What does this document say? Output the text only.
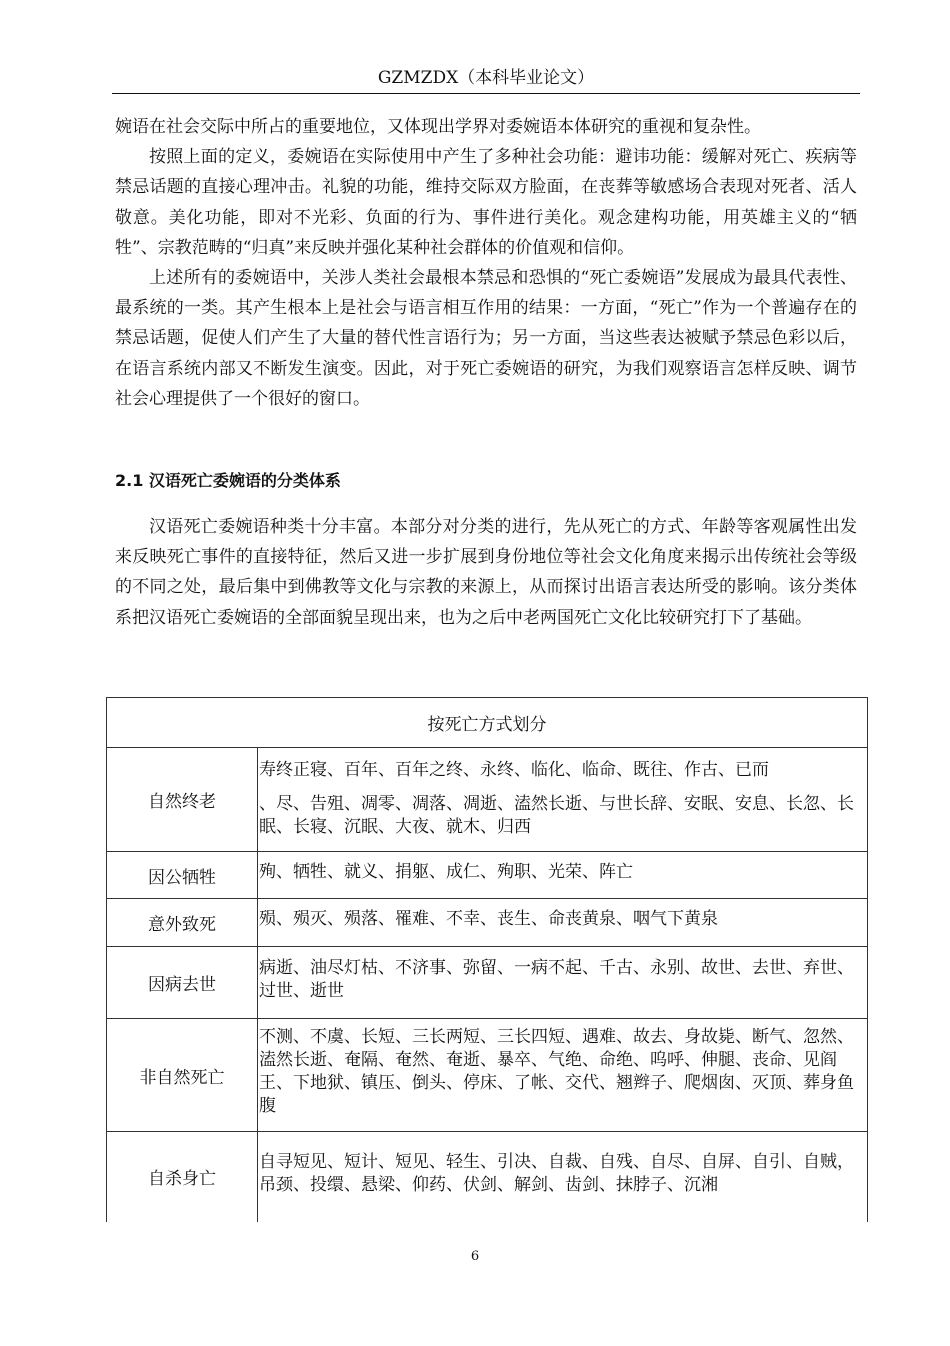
GZMZDX（本科毕业论文）

婉语在社会交际中所占的重要地位，又体现出学界对委婉语本体研究的重视和复杂性。

按照上面的定义，委婉语在实际使用中产生了多种社会功能：避讳功能：缓解对死亡、疾病等禁忌话题的直接心理冲击。礼貌的功能，维持交际双方脸面，在丧葬等敏感场合表现对死者、活人敬意。美化功能，即对不光彩、负面的行为、事件进行美化。观念建构功能，用英雄主义的“牺牲”、宗教范畴的“归真”来反映并强化某种社会群体的价值观和信仰。

上述所有的委婉语中，关涉人类社会最根本禁忌和恐惧的“死亡委婉语”发展成为最具代表性、最系统的一类。其产生根本上是社会与语言相互作用的结果：一方面，“死亡”作为一个普遍存在的禁忌话题，促使人们产生了大量的替代性言语行为；另一方面，当这些表达被赋予禁忌色彩以后，在语言系统内部又不断发生演变。因此，对于死亡委婉语的研究，为我们观察语言怎样反映、调节社会心理提供了一个很好的窗口。

2.1 汉语死亡委婉语的分类体系

汉语死亡委婉语种类十分丰富。本部分对分类的进行，先从死亡的方式、年龄等客观属性出发来反映死亡事件的直接特征，然后又进一步扩展到身份地位等社会文化角度来揭示出传统社会等级的不同之处，最后集中到佛教等文化与宗教的来源上，从而探讨出语言表达所受的影响。该分类体系把汉语死亡委婉语的全部面貌呈现出来，也为之后中老两国死亡文化比较研究打下了基础。

按死亡方式划分	
自然终老	寿终正寝、百年、百年之终、永终、临化、临命、既往、作古、已而
、尽、告殂、凋零、凋落、凋逝、溘然长逝、与世长辞、安眠、安息、长忽、长眠、长寝、沉眠、大夜、就木、归西

因公牺牲	殉、牺牲、就义、捐躯、成仁、殉职、光荣、阵亡
意外致死	殒、殒灭、殒落、罹难、不幸、丧生、命丧黄泉、咽气下黄泉
因病去世	病逝、油尽灯枯、不济事、弥留、一病不起、千古、永别、故世、去世、弃世、过世、逝世
非自然死亡	不测、不虞、长短、三长两短、三长四短、遇难、故去、身故毙、断气、忽然、溘然长逝、奄隔、奄然、奄逝、暴卒、气绝、命绝、呜呼、伸腿、丧命、见阎王、下地狱、镇压、倒头、停床、了帐、交代、翘辫子、爬烟囱、灭顶、葬身鱼腹
自杀身亡	自寻短见、短计、短见、轻生、引决、自裁、自残、自尽、自屏、自引、自贼，吊颈、投缳、悬梁、仰药、伏剑、解剑、齿剑、抹脖子、沉湘
6
